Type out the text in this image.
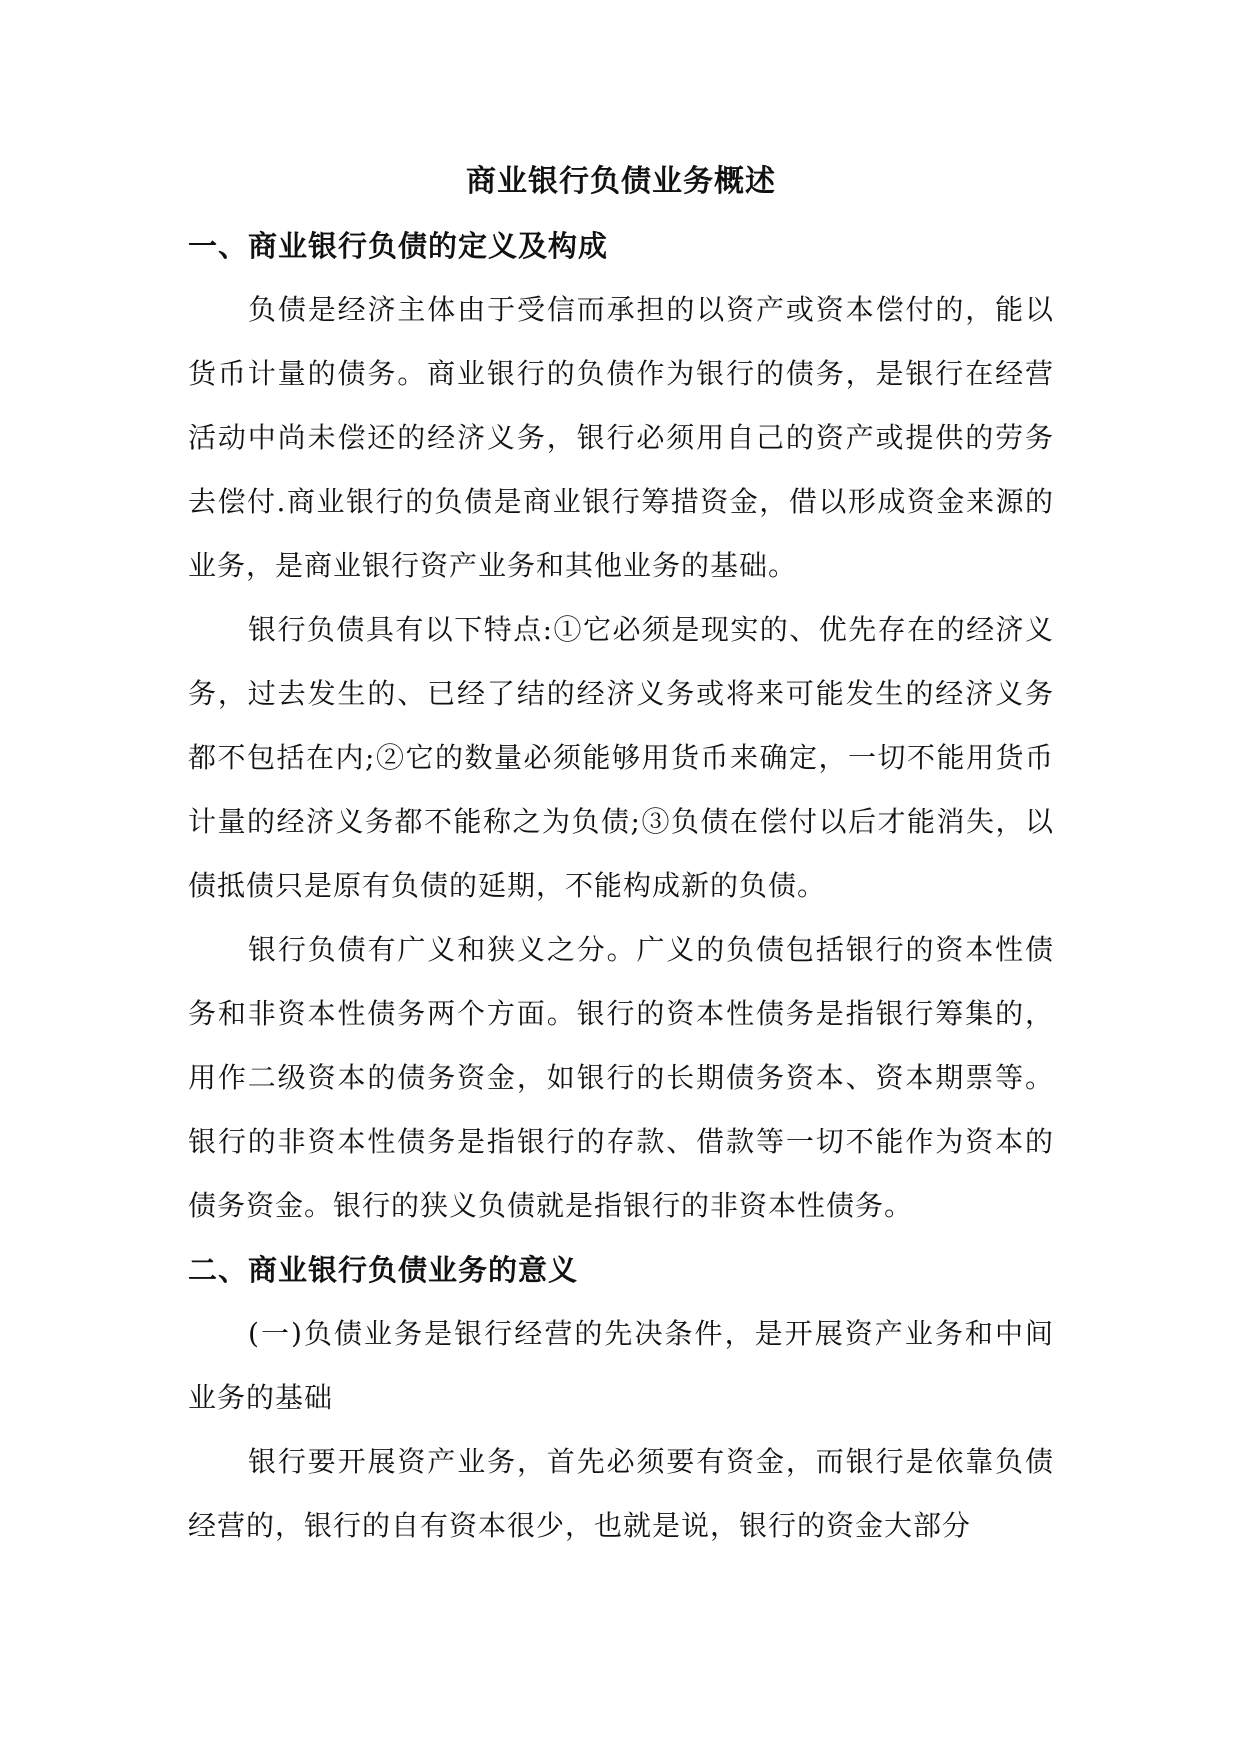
商业银行负债业务概述
一、商业银行负债的定义及构成

负债是经济主体由于受信而承担的以资产或资本偿付的，能以货币计量的债务。商业银行的负债作为银行的债务，是银行在经营活动中尚未偿还的经济义务，银行必须用自己的资产或提供的劳务去偿付.商业银行的负债是商业银行筹措资金，借以形成资金来源的业务，是商业银行资产业务和其他业务的基础。

银行负债具有以下特点:①它必须是现实的、优先存在的经济义务，过去发生的、已经了结的经济义务或将来可能发生的经济义务都不包括在内;②它的数量必须能够用货币来确定，一切不能用货币计量的经济义务都不能称之为负债;③负债在偿付以后才能消失，以债抵债只是原有负债的延期，不能构成新的负债。

银行负债有广义和狭义之分。广义的负债包括银行的资本性债务和非资本性债务两个方面。银行的资本性债务是指银行筹集的，用作二级资本的债务资金，如银行的长期债务资本、资本期票等。银行的非资本性债务是指银行的存款、借款等一切不能作为资本的债务资金。银行的狭义负债就是指银行的非资本性债务。

二、商业银行负债业务的意义

(一)负债业务是银行经营的先决条件，是开展资产业务和中间业务的基础

银行要开展资产业务，首先必须要有资金，而银行是依靠负债经营的，银行的自有资本很少，也就是说，银行的资金大部分
